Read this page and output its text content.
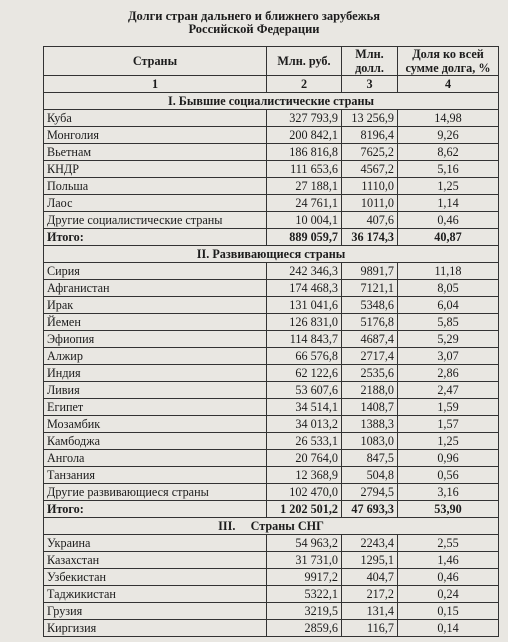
Долги стран дальнего и ближнего зарубежья
Российской Федерации
Страны	Млн. руб.	Млн. долл.	Доля ко всей сумме долга, %
1	2	3	4
I. Бывшие социалистические страны			
Куба	327 793,9	13 256,9	14,98
Монголия	200 842,1	8196,4	9,26
Вьетнам	186 816,8	7625,2	8,62
КНДР	111 653,6	4567,2	5,16
Польша	27 188,1	1110,0	1,25
Лаос	24 761,1	1011,0	1,14
Другие социалистические страны	10 004,1	407,6	0,46
Итого:	889 059,7	36 174,3	40,87
II. Развивающиеся страны			
Сирия	242 346,3	9891,7	11,18
Афганистан	174 468,3	7121,1	8,05
Ирак	131 041,6	5348,6	6,04
Йемен	126 831,0	5176,8	5,85
Эфиопия	114 843,7	4687,4	5,29
Алжир	66 576,8	2717,4	3,07
Индия	62 122,6	2535,6	2,86
Ливия	53 607,6	2188,0	2,47
Египет	34 514,1	1408,7	1,59
Мозамбик	34 013,2	1388,3	1,57
Камбоджа	26 533,1	1083,0	1,25
Ангола	20 764,0	847,5	0,96
Танзания	12 368,9	504,8	0,56
Другие развивающиеся страны	102 470,0	2794,5	3,16
Итого:	1 202 501,2	47 693,3	53,90
III.     Страны СНГ			
Украина	54 963,2	2243,4	2,55
Казахстан	31 731,0	1295,1	1,46
Узбекистан	9917,2	404,7	0,46
Таджикистан	5322,1	217,2	0,24
Грузия	3219,5	131,4	0,15
Киргизия	2859,6	116,7	0,14
